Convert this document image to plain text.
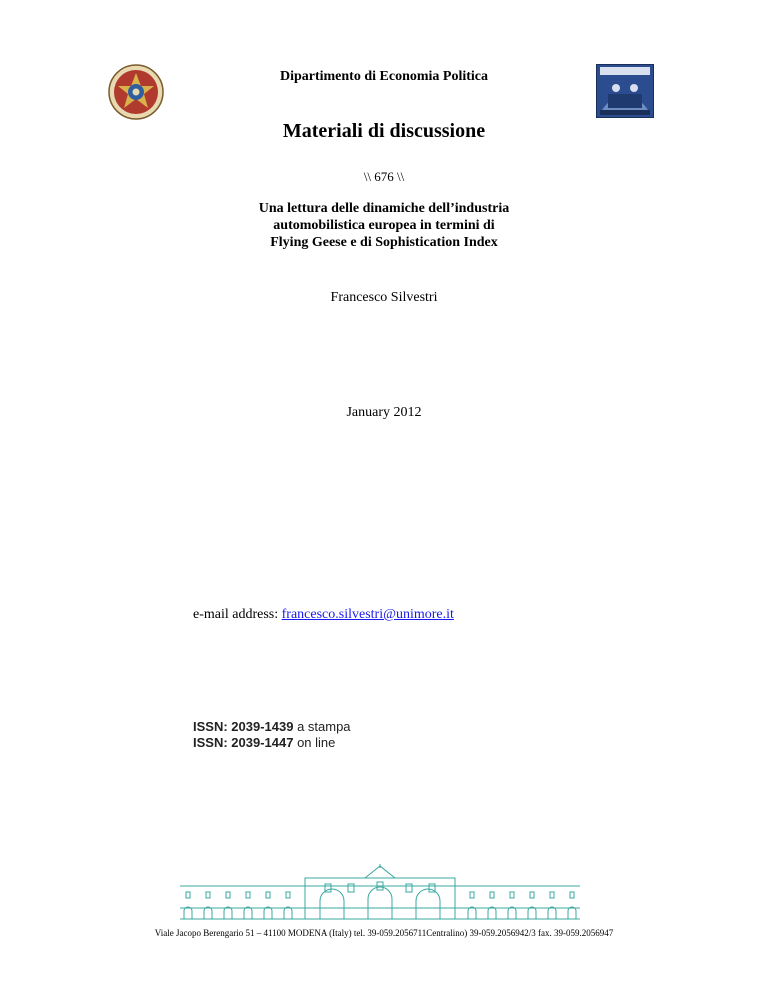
Dipartimento di Economia Politica
Materiali di discussione
\\ 676 \\
Una lettura delle dinamiche dell’industria
automobilistica europea in termini di
Flying Geese e di Sophistication Index
Francesco Silvestri
January 2012
e-mail address: francesco.silvestri@unimore.it
ISSN: 2039-1439 a stampa
ISSN: 2039-1447 on line
Viale Jacopo Berengario 51 – 41100 MODENA (Italy) tel. 39-059.2056711Centralino) 39-059.2056942/3 fax. 39-059.2056947
